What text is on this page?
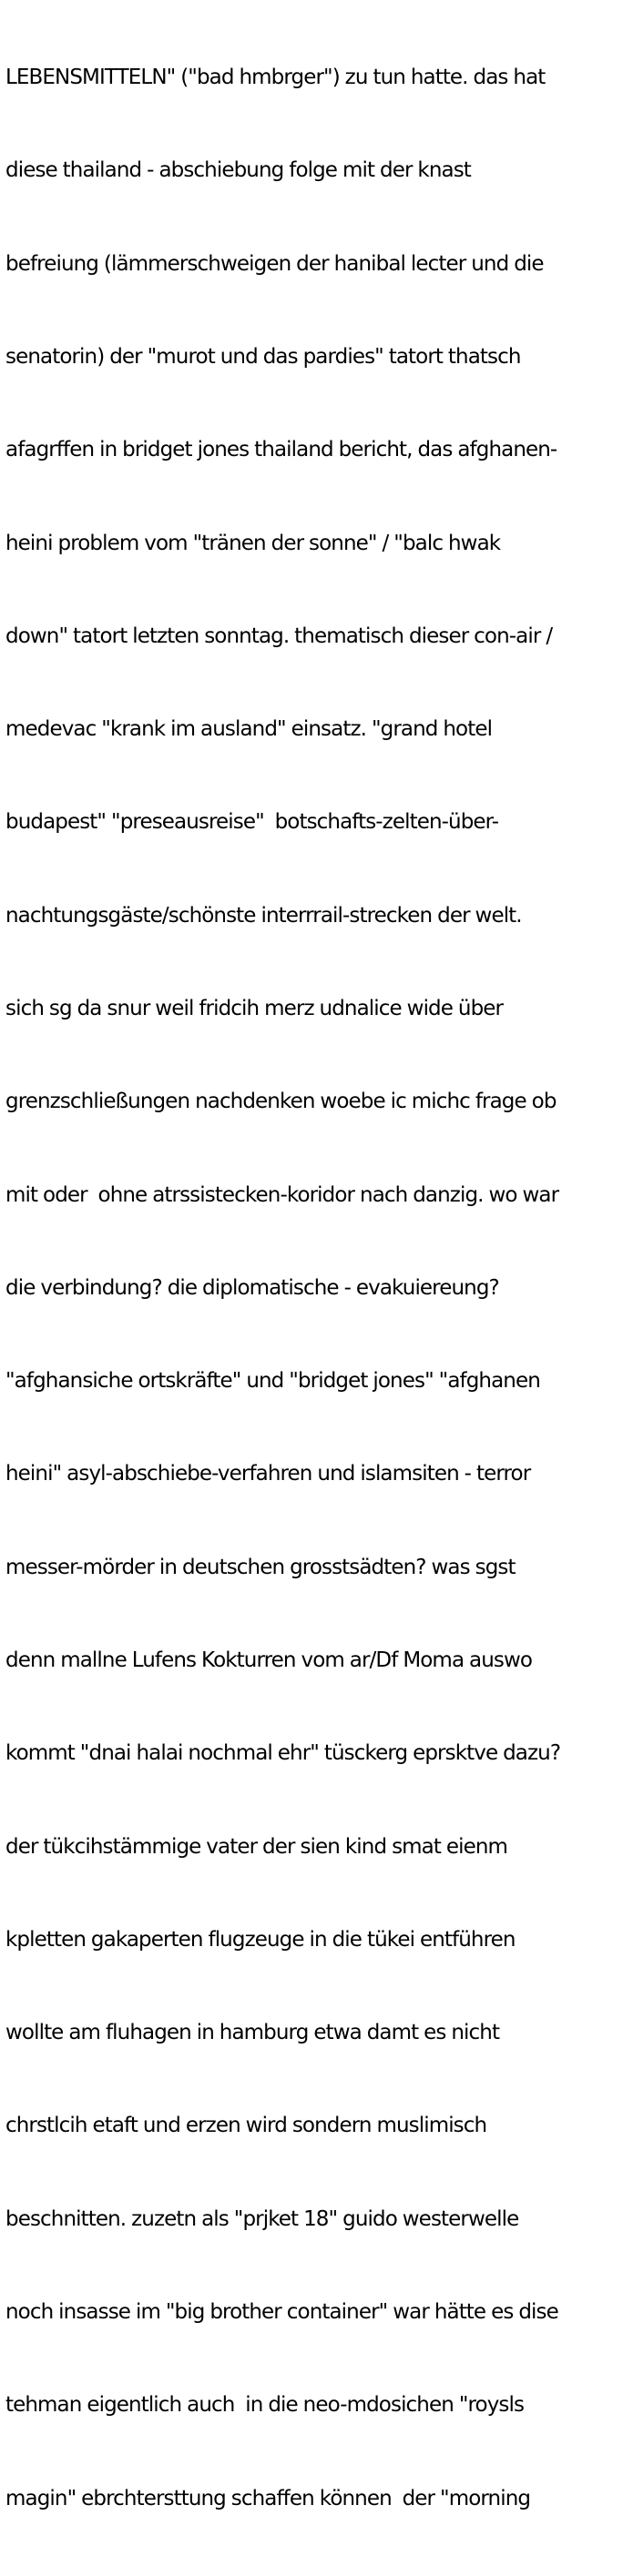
LEBENSMITTELN" ("bad hmbrger") zu tun hatte. das hat

diese thailand - abschiebung folge mit der knast

befreiung (lämmerschweigen der hanibal lecter und die

senatorin) der "murot und das pardies" tatort thatsch

afagrffen in bridget jones thailand bericht, das afghanen-

heini problem vom "tränen der sonne" / "balc hwak

down" tatort letzten sonntag. thematisch dieser con-air /

medevac "krank im ausland" einsatz. "grand hotel

budapest" "preseausreise"  botschafts-zelten-über-

nachtungsgäste/schönste interrrail-strecken der welt.

sich sg da snur weil fridcih merz udnalice wide über

grenzschließungen nachdenken woebe ic michc frage ob

mit oder  ohne atrssistecken-koridor nach danzig. wo war

die verbindung? die diplomatische - evakuiereung?

"afghansiche ortskräfte" und "bridget jones" "afghanen

heini" asyl-abschiebe-verfahren und islamsiten - terror

messer-mörder in deutschen grosstsädten? was sgst

denn mallne Lufens Kokturren vom ar/Df Moma auswo

kommt "dnai halai nochmal ehr" tüsckerg eprsktve dazu?

der tükcihstämmige vater der sien kind smat eienm

kpletten gakaperten flugzeuge in die tükei entführen

wollte am fluhagen in hamburg etwa damt es nicht

chrstlcih etaft und erzen wird sondern muslimisch

beschnitten. zuzetn als "prjket 18" guido westerwelle

noch insasse im "big brother container" war hätte es dise

tehman eigentlich auch  in die neo-mdosichen "roysls

magin" ebrchtersttung schaffen können  der "morning
